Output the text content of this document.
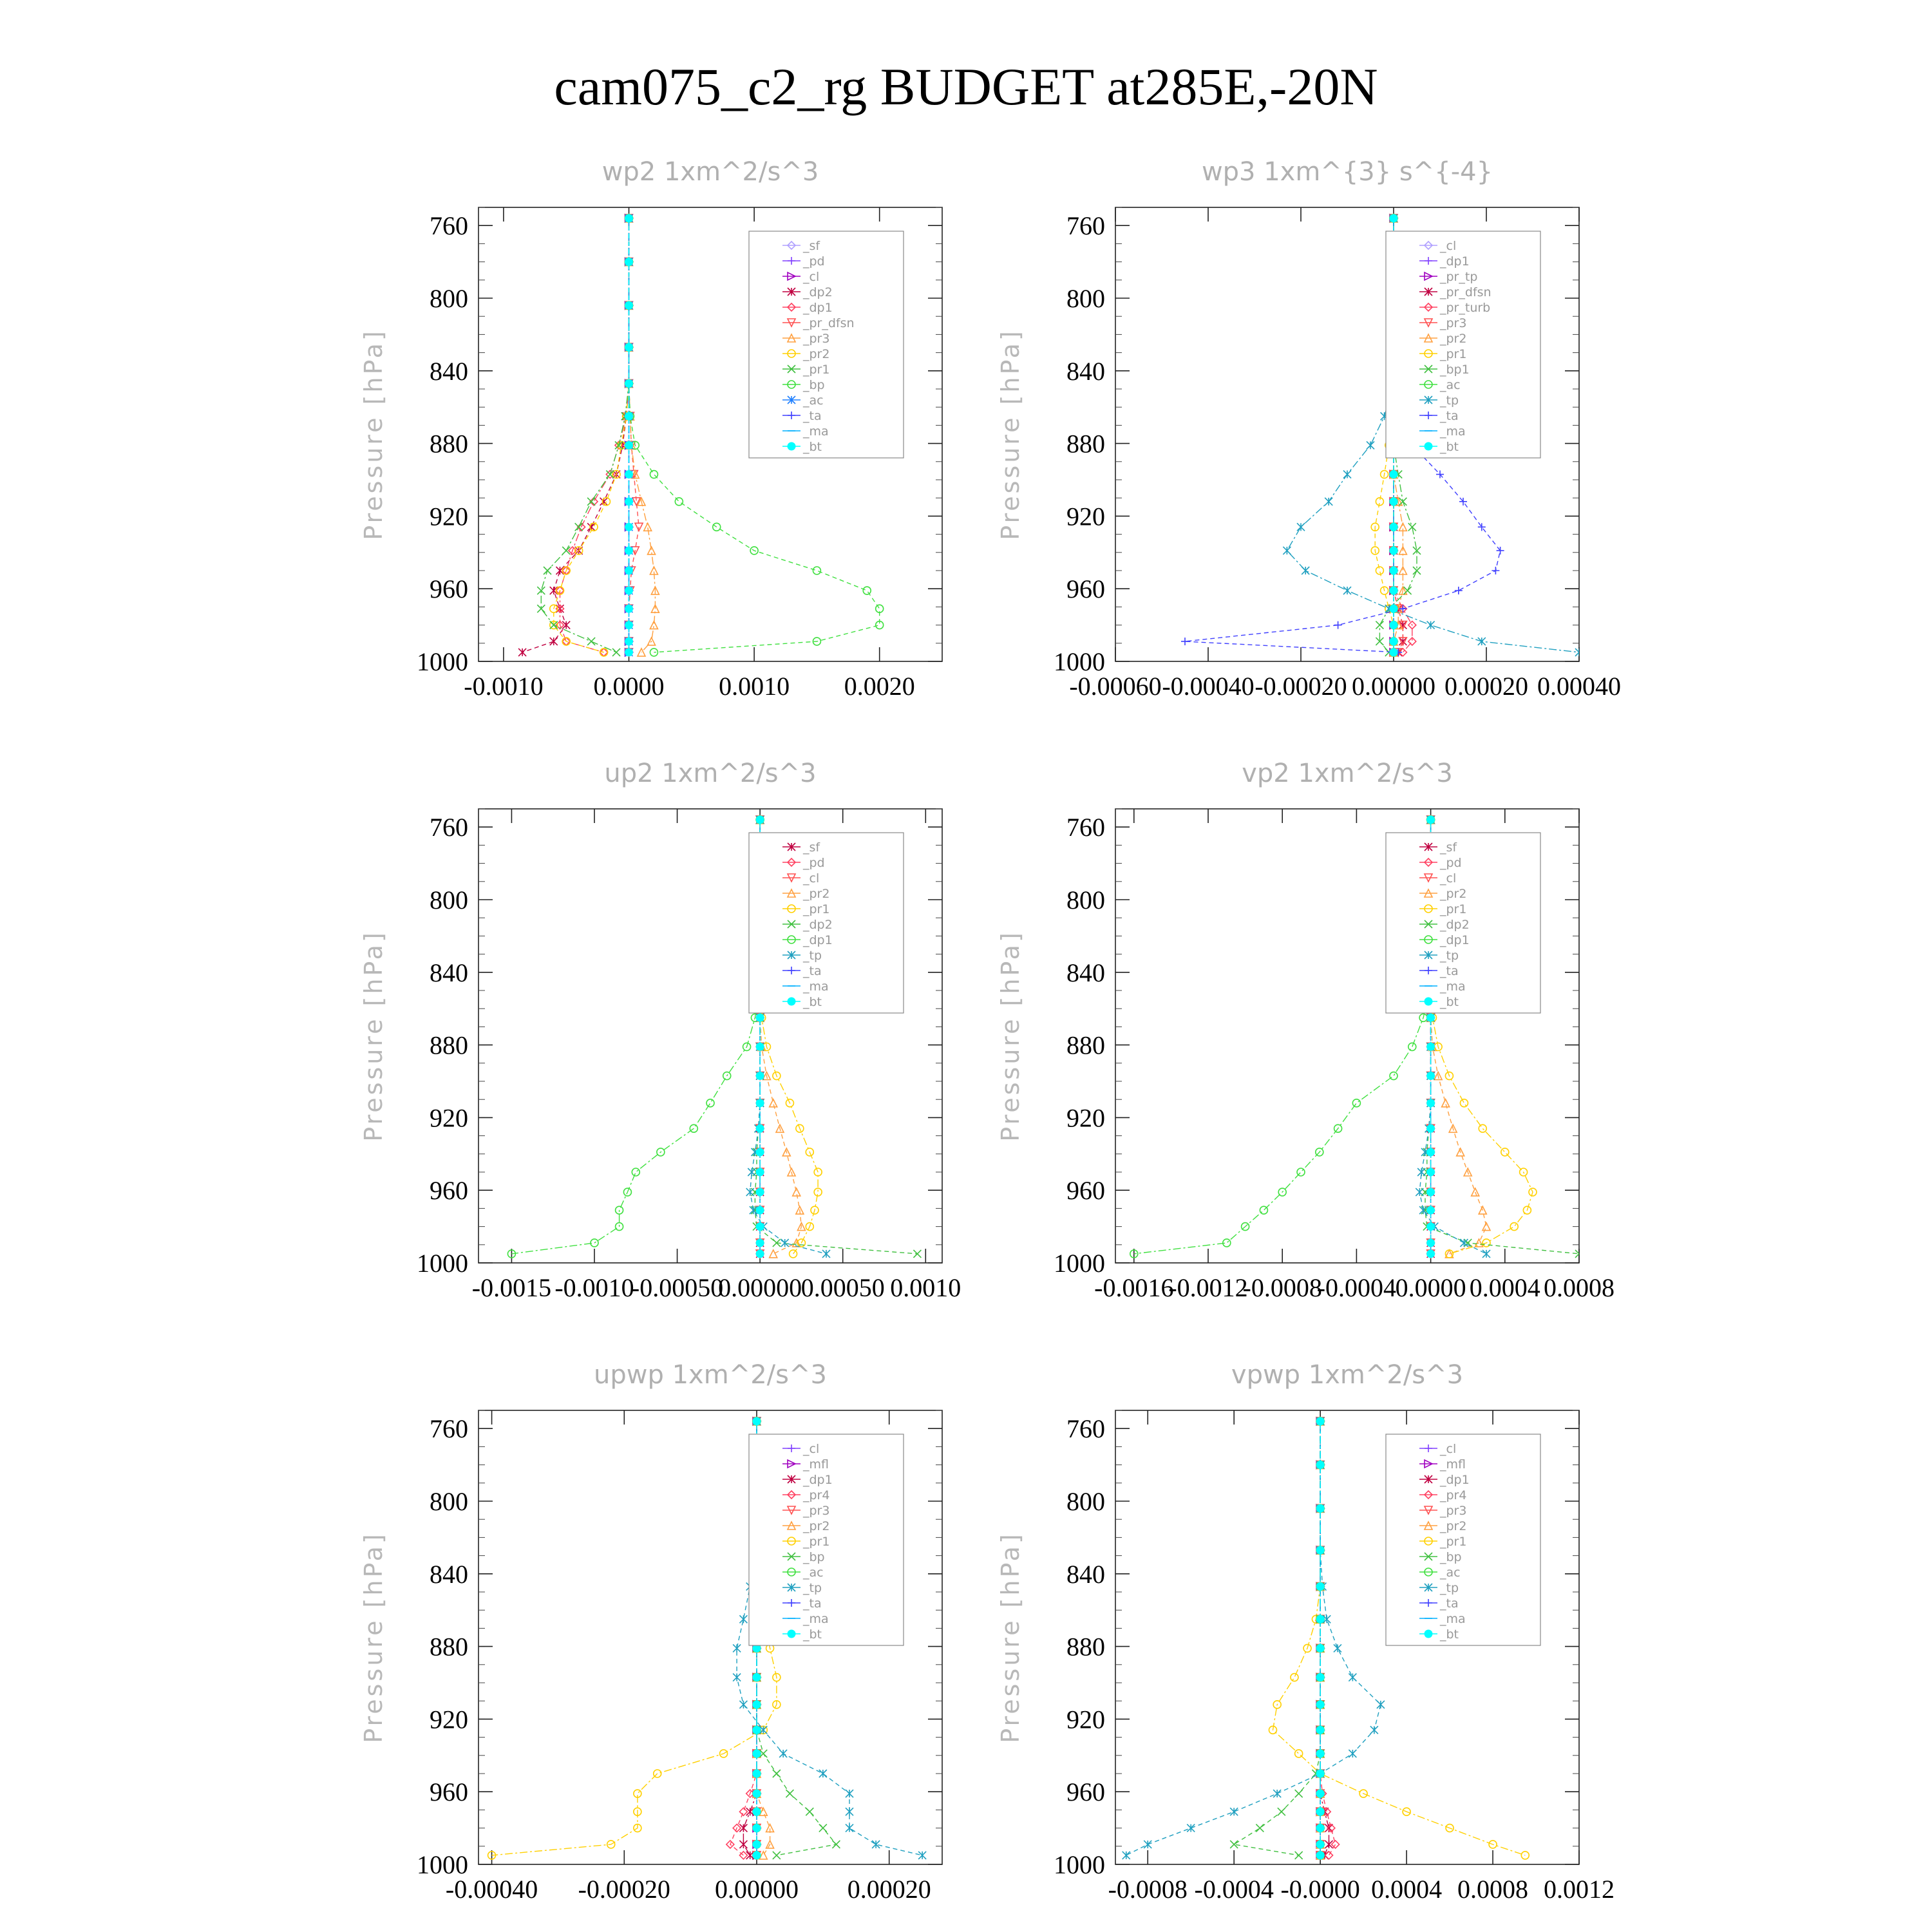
cam075_c2_rg BUDGET at285E,-20N
wp2 1xm^2/s^3
Pressure [hPa]
760
800
840
880
920
960
1000
-0.0010 0.0000 0.0010 0.0020
_sf
_pd
_cl
_dp2
_dp1
_pr_dfsn
_pr3
_pr2
_pr1
_bp
_ac
_ta
_ma
_bt
wp3 1xm^{3} s^{-4}
Pressure [hPa]
760
800
840
880
920
960
1000
-0.00060 -0.00040 -0.00020 0.00000 0.00020 0.00040
_cl
_dp1
_pr_tp
_pr_dfsn
_pr_turb
_pr3
_pr2
_pr1
_bp1
_ac
_tp
_ta
_ma
_bt
up2 1xm^2/s^3
Pressure [hPa]
760
800
840
880
920
960
1000
-0.0015 -0.0010
-0.00050
0.00000
0.00050 0.0010
_sf
_pd
_cl
_pr2
_pr1
_dp2
_dp1
_tp
_ta
_ma
_bt
vp2 1xm^2/s^3
Pressure [hPa]
760
800
840
880
920
960
1000
-0.0016
-0.0012
-0.0008
-0.0004
0.0000 0.0004 0.0008
_sf
_pd
_cl
_pr2
_pr1
_dp2
_dp1
_tp
_ta
_ma
_bt
upwp 1xm^2/s^3
Pressure [hPa]
760
800
840
880
920
960
1000
-0.00040 -0.00020 0.00000 0.00020
_cl
_mfl
_dp1
_pr4
_pr3
_pr2
_pr1
_bp
_ac
_tp
_ta
_ma
_bt
vpwp 1xm^2/s^3
Pressure [hPa]
760
800
840
880
920
960
1000
-0.0008 -0.0004 -0.0000 0.0004 0.0008 0.0012
_cl
_mfl
_dp1
_pr4
_pr3
_pr2
_pr1
_bp
_ac
_tp
_ta
_ma
_bt
